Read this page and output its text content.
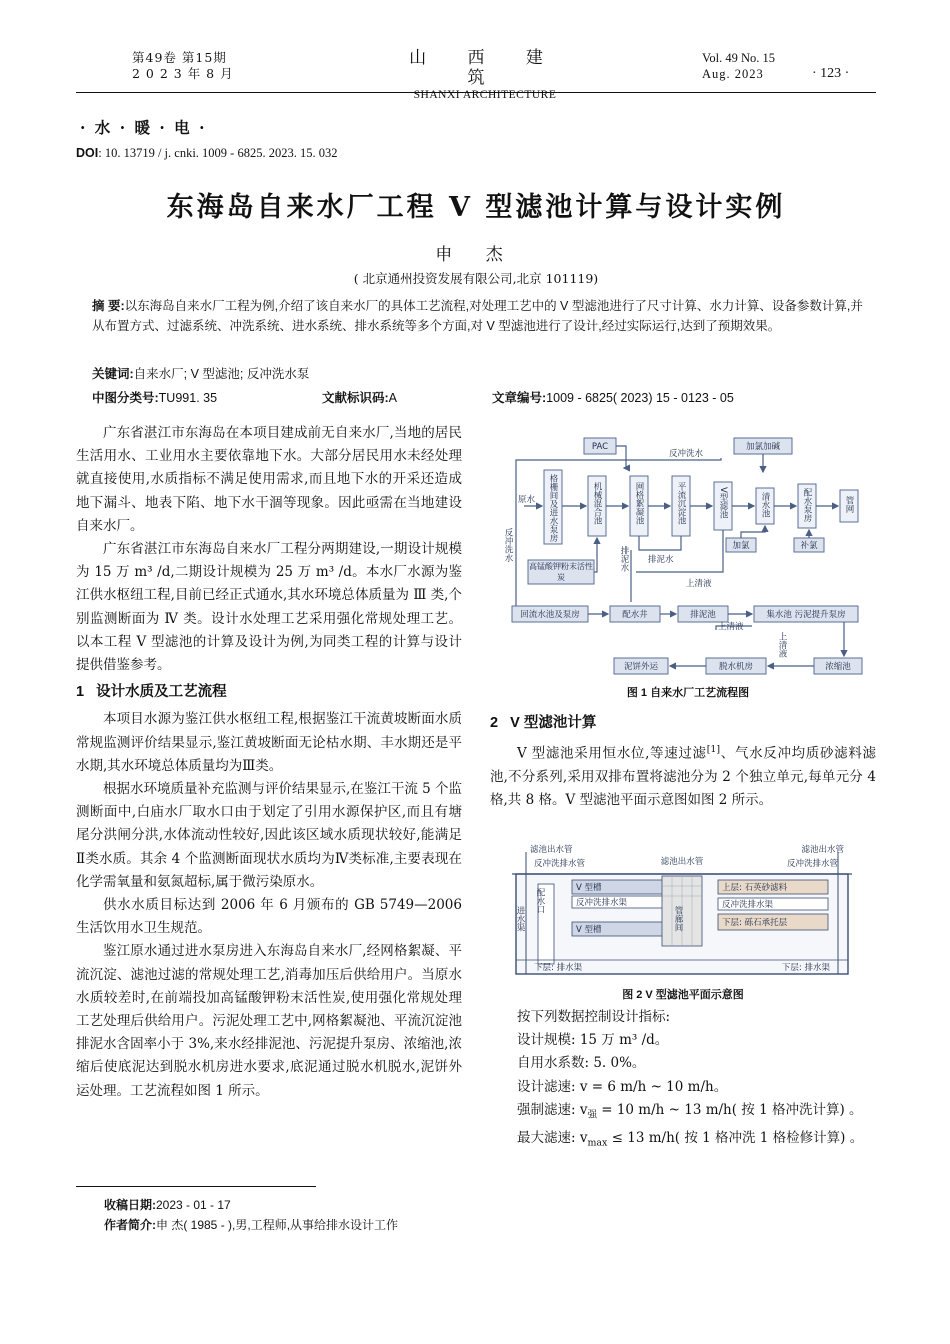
第49卷 第15期
2 0 2 3 年 8 月
山 西 建 筑
SHANXI ARCHITECTURE
Vol. 49 No. 15
Aug. 2023	· 123 ·
· 水 · 暖 · 电 ·
DOI: 10. 13719 / j. cnki. 1009 - 6825. 2023. 15. 032
东海岛自来水厂工程 V 型滤池计算与设计实例
申 杰
( 北京通州投资发展有限公司,北京 101119)
摘 要:以东海岛自来水厂工程为例,介绍了该自来水厂的具体工艺流程,对处理工艺中的 V 型滤池进行了尺寸计算、水力计算、设备参数计算,并从布置方式、过滤系统、冲洗系统、进水系统、排水系统等多个方面,对 V 型滤池进行了设计,经过实际运行,达到了预期效果。
关键词:自来水厂; V 型滤池; 反冲洗水泵
中图分类号:TU991. 35	文献标识码:A	文章编号:1009 - 6825( 2023) 15 - 0123 - 05

广东省湛江市东海岛在本项目建成前无自来水厂,当地的居民生活用水、工业用水主要依靠地下水。大部分居民用水未经处理就直接使用,水质指标不满足使用需求,而且地下水的开采还造成地下漏斗、地表下陷、地下水干涸等现象。因此亟需在当地建设自来水厂。

广东省湛江市东海岛自来水厂工程分两期建设,一期设计规模为 15 万 m³ /d,二期设计规模为 25 万 m³ /d。本水厂水源为鉴江供水枢纽工程,目前已经正式通水,其水环境总体质量为 Ⅲ 类,个别监测断面为 Ⅳ 类。设计水处理工艺采用强化常规处理工艺。以本工程 V 型滤池的计算及设计为例,为同类工程的计算与设计提供借鉴参考。

1 设计水质及工艺流程

本项目水源为鉴江供水枢纽工程,根据鉴江干流黄坡断面水质常规监测评价结果显示,鉴江黄坡断面无论枯水期、丰水期还是平水期,其水环境总体质量均为Ⅲ类。

根据水环境质量补充监测与评价结果显示,在鉴江干流 5 个监测断面中,白庙水厂取水口由于划定了引用水源保护区,而且有塘尾分洪闸分洪,水体流动性较好,因此该区域水质现状较好,能满足Ⅱ类水质。其余 4 个监测断面现状水质均为Ⅳ类标准,主要表现在化学需氧量和氨氮超标,属于微污染原水。

供水水质目标达到 2006 年 6 月颁布的 GB 5749—2006 生活饮用水卫生规范。

鉴江原水通过进水泵房进入东海岛自来水厂,经网格絮凝、平流沉淀、滤池过滤的常规处理工艺,消毒加压后供给用户。当原水水质较差时,在前端投加高锰酸钾粉末活性炭,使用强化常规处理工艺处理后供给用户。污泥处理工艺中,网格絮凝池、平流沉淀池排泥水含固率小于 3%,来水经排泥池、污泥提升泵房、浓缩池,浓缩后使底泥达到脱水机房进水要求,底泥通过脱水机脱水,泥饼外运处理。工艺流程如图 1 所示。

PAC
反冲洗水
加氯加碱
原水
反冲洗水
格栅间及进水泵房	机械混合池	网格絮凝池	平流沉淀池	V型滤池	清水池	配水泵房	管网
加氯	补氯
高锰酸钾粉末活性炭
排泥水 排泥水
上清液
回流水池及泵房	配水井	排泥池	集水池 污泥提升泵房
上清液
上清液
泥饼外运	脱水机房	浓缩池
图 1 自来水厂工艺流程图
2 V 型滤池计算

V 型滤池采用恒水位,等速过滤[1]、气水反冲均质砂滤料滤池,不分系列,采用双排布置将滤池分为 2 个独立单元,每单元分 4 格,共 8 格。V 型滤池平面示意图如图 2 所示。

滤池出水管
反冲洗排水管	滤池出水管
滤池出水管
反冲洗排水管
V 型槽
反冲洗排水渠
V 型槽
下层: 排水渠
配水口
进水渠	管廊间
上层: 石英砂滤料
反冲洗排水渠
下层: 砾石承托层
下层: 排水渠
图 2 V 型滤池平面示意图

按下列数据控制设计指标:

设计规模: 15 万 m³ /d。

自用水系数: 5. 0%。

设计滤速: v = 6 m/h ~ 10 m/h。

强制滤速: $v_强 = 10$ m/h ~ 13 m/h( 按 1 格冲洗计算) 。

最大滤速: $v_{max} \le 13$ m/h( 按 1 格冲洗 1 格检修计算) 。

收稿日期:2023 - 01 - 17
作者简介:申 杰( 1985 - ),男,工程师,从事给排水设计工作
